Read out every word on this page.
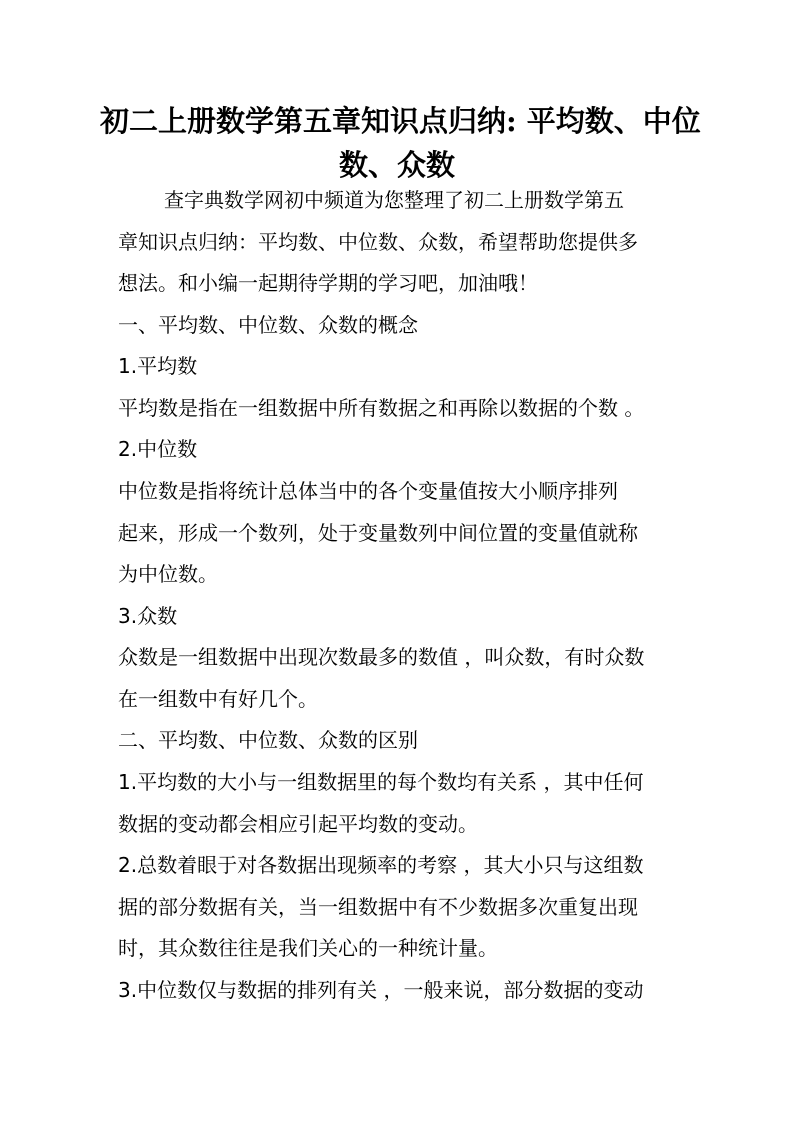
初二上册数学第五章知识点归纳: 平均数、中位
数、众数

查字典数学网初中频道为您整理了初二上册数学第五
章知识点归纳：平均数、中位数、众数，希望帮助您提供多
想法。和小编一起期待学期的学习吧，加油哦！

一、平均数、中位数、众数的概念

1.平均数

平均数是指在一组数据中所有数据之和再除以数据的个数 。

2.中位数

中位数是指将统计总体当中的各个变量值按大小顺序排列
起来，形成一个数列，处于变量数列中间位置的变量值就称
为中位数。

3.众数

众数是一组数据中出现次数最多的数值 ，叫众数，有时众数
在一组数中有好几个。

二、平均数、中位数、众数的区别

1.平均数的大小与一组数据里的每个数均有关系 ，其中任何
数据的变动都会相应引起平均数的变动。

2.总数着眼于对各数据出现频率的考察 ，其大小只与这组数
据的部分数据有关，当一组数据中有不少数据多次重复出现
时，其众数往往是我们关心的一种统计量。

3.中位数仅与数据的排列有关 ，一般来说，部分数据的变动
